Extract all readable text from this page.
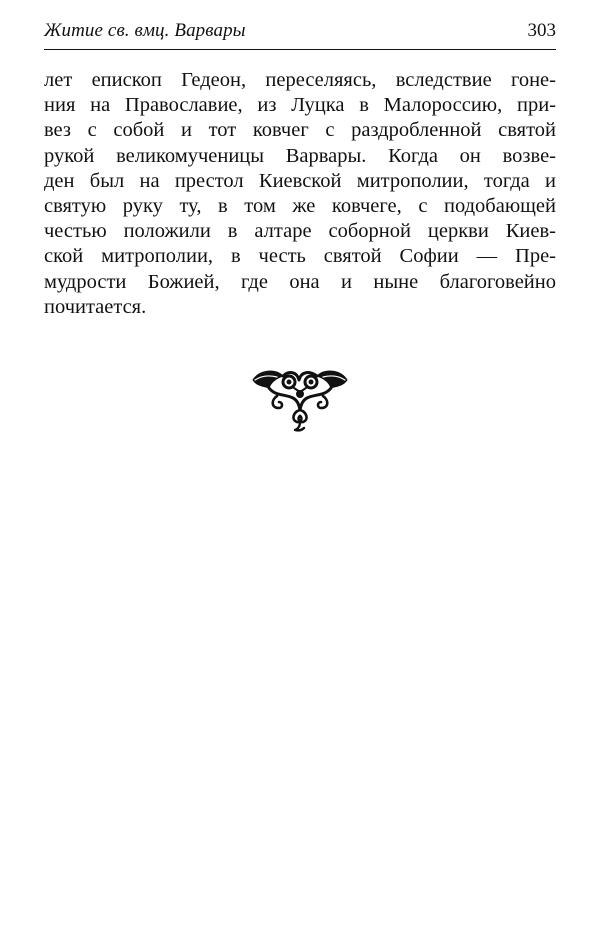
Житие св. вмц. Варвары	303
лет епископ Гедеон, переселяясь, вследствие гоне-
ния на Православие, из Луцка в Малороссию, при-
вез с собой и тот ковчег с раздробленной святой
рукой великомученицы Варвары. Когда он возве-
ден был на престол Киевской митрополии, тогда и
святую руку ту, в том же ковчеге, с подобающей
честью положили в алтаре соборной церкви Киев-
ской митрополии, в честь святой Софии — Пре-
мудрости Божией, где она и ныне благоговейно
почитается.
